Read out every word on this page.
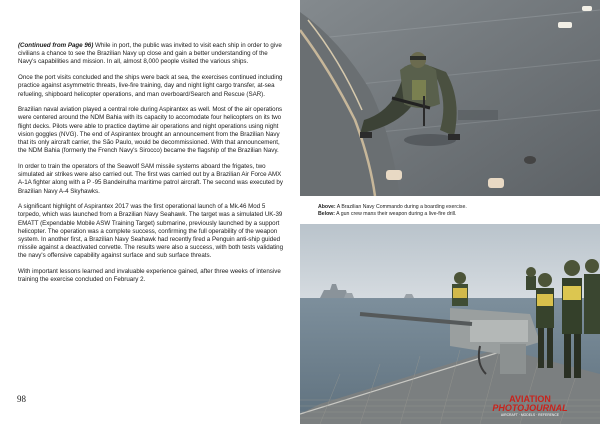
(Continued from Page 96) While in port, the public was invited to visit each ship in order to give civilians a chance to see the Brazilian Navy up close and gain a better understanding of the Navy's capabilities and mission. In all, almost 8,000 people visited the various ships.

Once the port visits concluded and the ships were back at sea, the exercises continued including practice against asymmetric threats, live-fire training, day and night light cargo transfer, at-sea refueling, shipboard helicopter operations, and man overboard/Search and Rescue (SAR).

Brazilian naval aviation played a central role during Aspirantex as well. Most of the air operations were centered around the NDM Bahia with its capacity to accomodate four helicopters on its two flight decks. Pilots were able to practice daytime air operations and night operations using night vision goggles (NVG). The end of Aspirantex brought an announcement from the Brazilian Navy that its only aircraft carrier, the São Paulo, would be decommissioned. With that announcement, the NDM Bahia (formerly the French Navy's Sirocco) became the flagship of the Brazilian Navy.

In order to train the operators of the Seawolf SAM missile systems aboard the frigates, two simulated air strikes were also carried out. The first was carried out by a Brazilian Air Force AMX A-1A fighter along with a P -95 Bandeirulha maritime patrol aircraft. The second was executed by Brazilian Navy A-4 Skyhawks.

A significant highlight of Aspirantex 2017 was the first operational launch of a Mk.46 Mod 5 torpedo, which was launched from a Brazilian Navy Seahawk. The target was a simulated UK-39 EMATT (Expendable Mobile ASW Training Target) submarine, previously launched by a support helicopter. The operation was a complete success, confirming the full operability of the weapon system. In another first, a Brazilian Navy Seahawk had recently fired a Penguin anti-ship guided missile against a deactivated corvette. The results were also a success, with both tests validating the navy's offensive capability against surface and sub surface threats.

With important lessons learned and invaluable experience gained, after three weeks of intensive training the exercise concluded on February 2.

98

Above: A Brazilian Navy Commando during a boarding exercise.

Below: A gun crew mans their weapon during a live-fire drill.

AVIATION
PHOTOJOURNAL
AIRCRAFT · MODELS · REFERENCE
